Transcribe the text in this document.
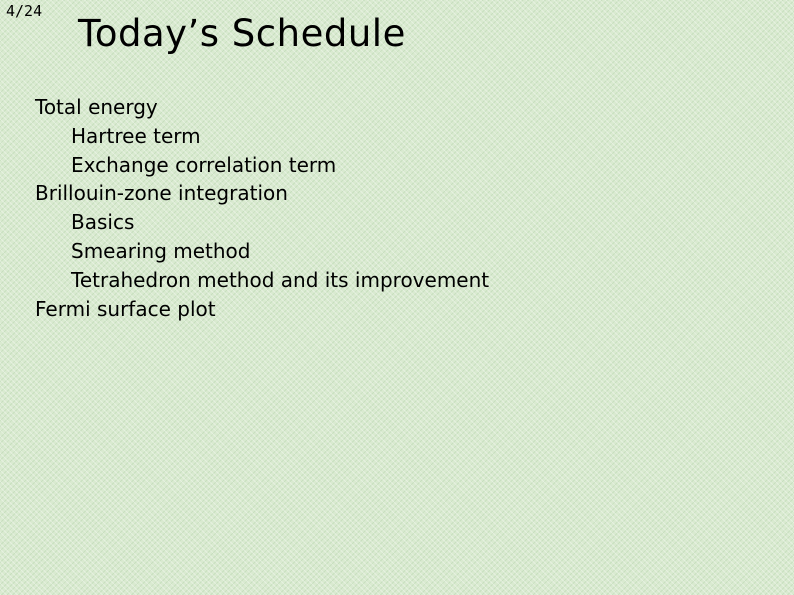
4/24
Today’s Schedule
Total energy
Hartree term
Exchange correlation term
Brillouin-zone integration
Basics
Smearing method
Tetrahedron method and its improvement
Fermi surface plot
